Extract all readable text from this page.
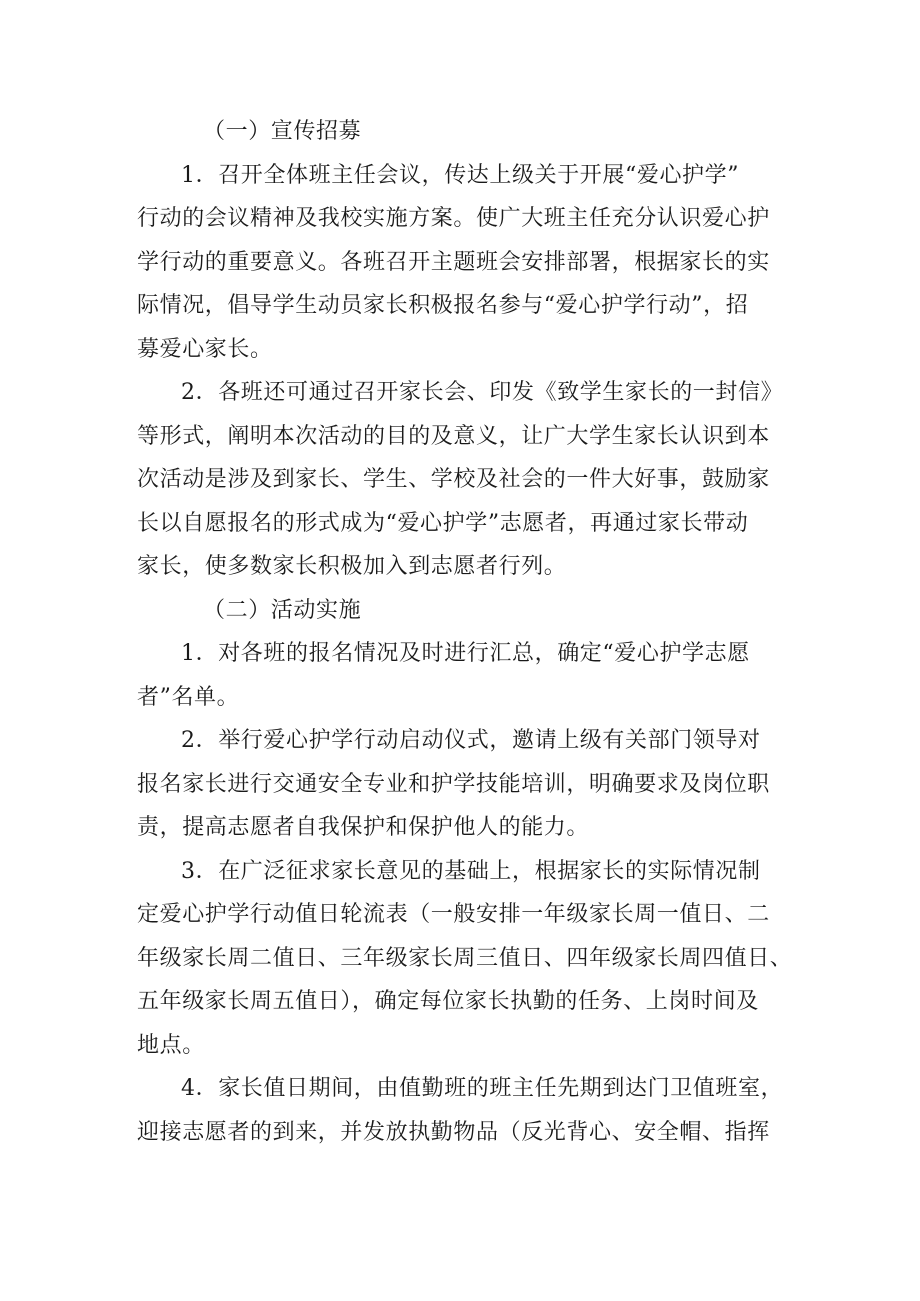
（一）宣传招募
1．召开全体班主任会议，传达上级关于开展“爱心护学”
行动的会议精神及我校实施方案。使广大班主任充分认识爱心护
学行动的重要意义。各班召开主题班会安排部署，根据家长的实
际情况，倡导学生动员家长积极报名参与“爱心护学行动”，招
募爱心家长。
2．各班还可通过召开家长会、印发《致学生家长的一封信》
等形式，阐明本次活动的目的及意义，让广大学生家长认识到本
次活动是涉及到家长、学生、学校及社会的一件大好事，鼓励家
长以自愿报名的形式成为“爱心护学”志愿者，再通过家长带动
家长，使多数家长积极加入到志愿者行列。
（二）活动实施
1．对各班的报名情况及时进行汇总，确定“爱心护学志愿
者”名单。
2．举行爱心护学行动启动仪式，邀请上级有关部门领导对
报名家长进行交通安全专业和护学技能培训，明确要求及岗位职
责，提高志愿者自我保护和保护他人的能力。
3．在广泛征求家长意见的基础上，根据家长的实际情况制
定爱心护学行动值日轮流表（一般安排一年级家长周一值日、二
年级家长周二值日、三年级家长周三值日、四年级家长周四值日、
五年级家长周五值日），确定每位家长执勤的任务、上岗时间及
地点。
4．家长值日期间，由值勤班的班主任先期到达门卫值班室，
迎接志愿者的到来，并发放执勤物品（反光背心、安全帽、指挥
